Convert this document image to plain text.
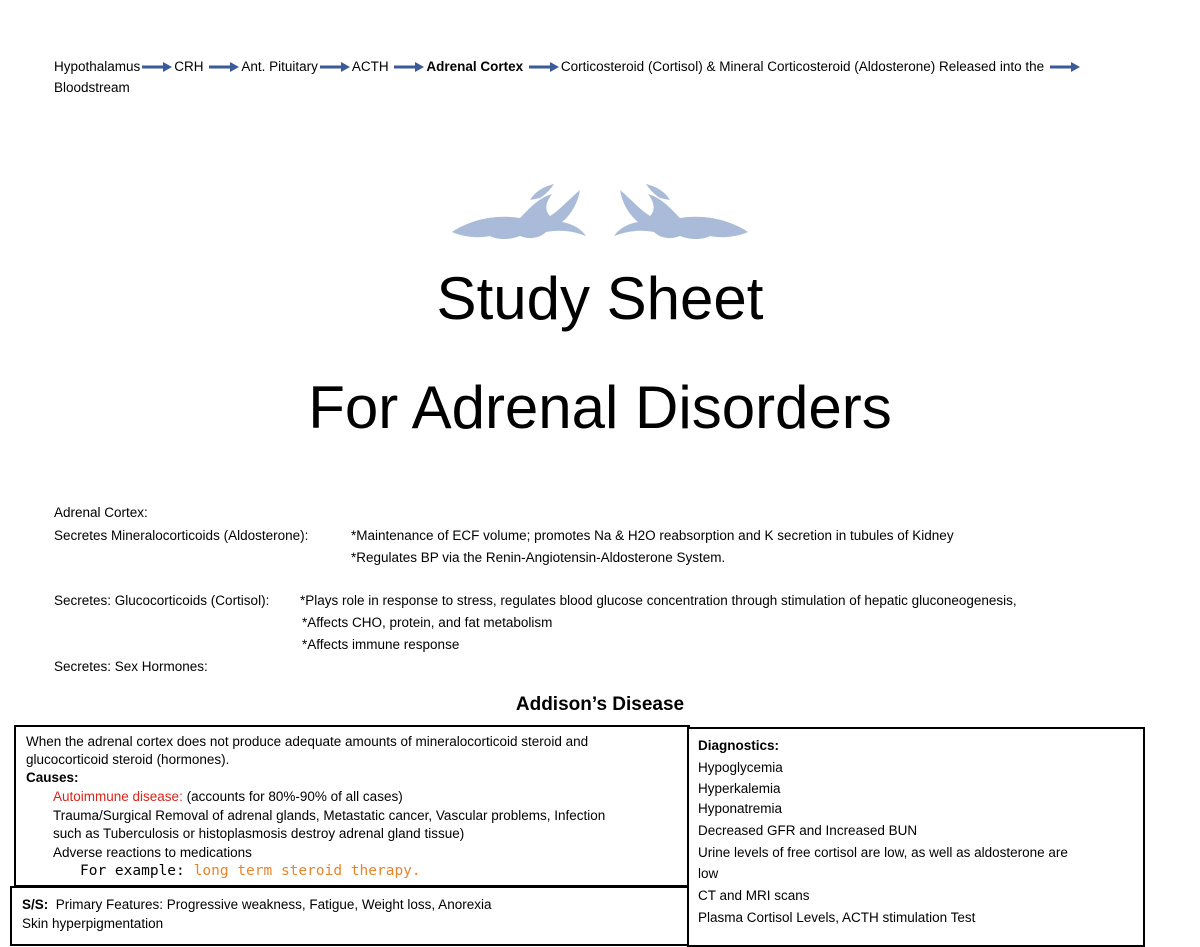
Hypothalamus	CRH	Ant. Pituitary	ACTH	Adrenal Cortex	Corticosteroid (Cortisol) & Mineral Corticosteroid (Aldosterone) Released into the
Bloodstream
Study Sheet
For Adrenal Disorders
Adrenal Cortex:
Secretes Mineralocorticoids (Aldosterone):	*Maintenance of ECF volume; promotes Na & H2O reabsorption and K secretion in tubules of Kidney
*Regulates BP via the Renin-Angiotensin-Aldosterone System.
Secretes: Glucocorticoids (Cortisol): *Plays role in response to stress, regulates blood glucose concentration through stimulation of hepatic gluconeogenesis,
*Affects CHO, protein, and fat metabolism
*Affects immune response
Secretes: Sex Hormones:
Addison’s Disease
When the adrenal cortex does not produce adequate amounts of mineralocorticoid steroid and
glucocorticoid steroid (hormones).
Causes:
Autoimmune disease: (accounts for 80%-90% of all cases)
Trauma/Surgical Removal of adrenal glands, Metastatic cancer, Vascular problems, Infection
such as Tuberculosis or histoplasmosis destroy adrenal gland tissue)
Adverse reactions to medications
For example: long term steroid therapy.
S/S: Primary Features: Progressive weakness, Fatigue, Weight loss, Anorexia
Skin hyperpigmentation
Diagnostics:
Hypoglycemia
Hyperkalemia
Hyponatremia
Decreased GFR and Increased BUN
Urine levels of free cortisol are low, as well as aldosterone are
low
CT and MRI scans
Plasma Cortisol Levels, ACTH stimulation Test
